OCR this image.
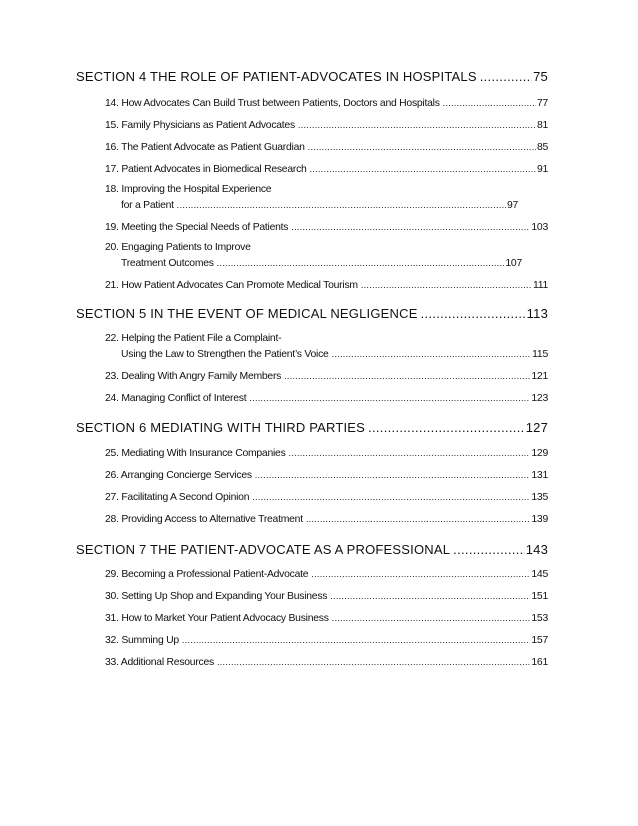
SECTION 4 THE ROLE OF PATIENT-ADVOCATES IN HOSPITALS .....	75
14. How Advocates Can Build Trust between Patients, Doctors and Hospitals .....	77
15. Family Physicians as Patient Advocates .....	81
16. The Patient Advocate as Patient Guardian .....	85
17. Patient Advocates in Biomedical Research .....	91
18. Improving the Hospital Experience
for a Patient .....	97
19. Meeting the Special Needs of Patients .....	103
20. Engaging Patients to Improve
Treatment Outcomes .....	107
21. How Patient Advocates Can Promote Medical Tourism .....	111
SECTION 5 IN THE EVENT OF MEDICAL NEGLIGENCE .....	113
22. Helping the Patient File a Complaint-
Using the Law to Strengthen the Patient’s Voice .....	115
23. Dealing With Angry Family Members .....	121
24. Managing Conflict of Interest .....	123
SECTION 6 MEDIATING WITH THIRD PARTIES .....	127
25. Mediating With Insurance Companies .....	129
26. Arranging Concierge Services .....	131
27. Facilitating A Second Opinion .....	135
28. Providing Access to Alternative Treatment .....	139
SECTION 7 THE PATIENT-ADVOCATE AS A PROFESSIONAL .....	143
29. Becoming a Professional Patient-Advocate .....	145
30. Setting Up Shop and Expanding Your Business .....	151
31. How to Market Your Patient Advocacy Business .....	153
32. Summing Up .....	157
33. Additional Resources .....	161
